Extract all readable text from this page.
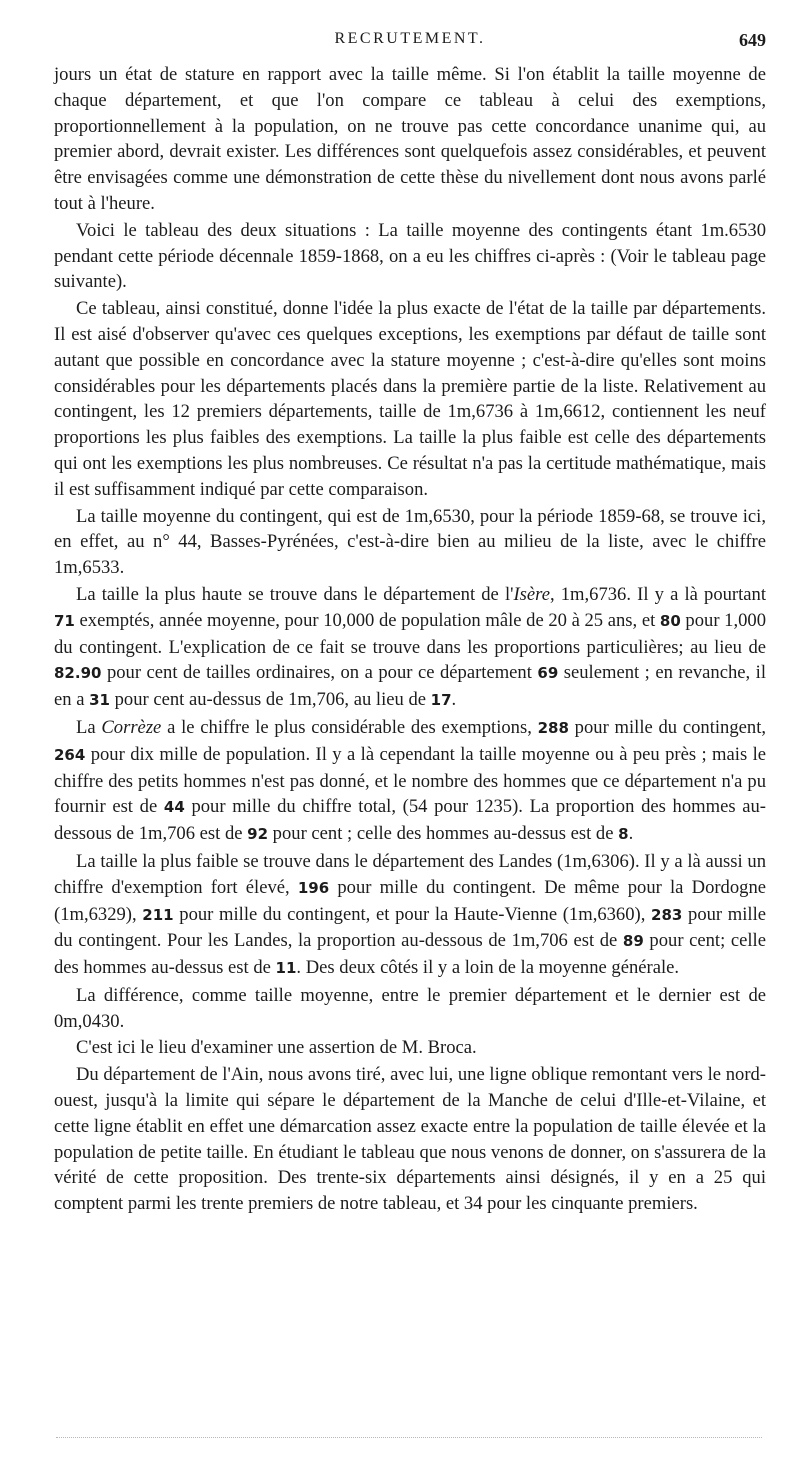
RECRUTEMENT.	649

jours un état de stature en rapport avec la taille même. Si l'on établit la taille moyenne de chaque département, et que l'on compare ce tableau à celui des exemptions, proportionnellement à la population, on ne trouve pas cette concordance unanime qui, au premier abord, devrait exister. Les différences sont quelquefois assez considérables, et peuvent être envisagées comme une démonstration de cette thèse du nivellement dont nous avons parlé tout à l'heure.

Voici le tableau des deux situations : La taille moyenne des contingents étant 1m.6530 pendant cette période décennale 1859-1868, on a eu les chiffres ci-après : (Voir le tableau page suivante).

Ce tableau, ainsi constitué, donne l'idée la plus exacte de l'état de la taille par départements. Il est aisé d'observer qu'avec ces quelques exceptions, les exemptions par défaut de taille sont autant que possible en concordance avec la stature moyenne ; c'est-à-dire qu'elles sont moins considérables pour les départements placés dans la première partie de la liste. Relativement au contingent, les 12 premiers départements, taille de 1m,6736 à 1m,6612, contiennent les neuf proportions les plus faibles des exemptions. La taille la plus faible est celle des départements qui ont les exemptions les plus nombreuses. Ce résultat n'a pas la certitude mathématique, mais il est suffisamment indiqué par cette comparaison.

La taille moyenne du contingent, qui est de 1m,6530, pour la période 1859-68, se trouve ici, en effet, au n° 44, Basses-Pyrénées, c'est-à-dire bien au milieu de la liste, avec le chiffre 1m,6533.

La taille la plus haute se trouve dans le département de l'Isère, 1m,6736. Il y a là pourtant 71 exemptés, année moyenne, pour 10,000 de population mâle de 20 à 25 ans, et 80 pour 1,000 du contingent. L'explication de ce fait se trouve dans les proportions particulières; au lieu de 82.90 pour cent de tailles ordinaires, on a pour ce département 69 seulement ; en revanche, il en a 31 pour cent au-dessus de 1m,706, au lieu de 17.

La Corrèze a le chiffre le plus considérable des exemptions, 288 pour mille du contingent, 264 pour dix mille de population. Il y a là cependant la taille moyenne ou à peu près ; mais le chiffre des petits hommes n'est pas donné, et le nombre des hommes que ce département n'a pu fournir est de 44 pour mille du chiffre total, (54 pour 1235). La proportion des hommes au-dessous de 1m,706 est de 92 pour cent ; celle des hommes au-dessus est de 8.

La taille la plus faible se trouve dans le département des Landes (1m,6306). Il y a là aussi un chiffre d'exemption fort élevé, 196 pour mille du contingent. De même pour la Dordogne (1m,6329), 211 pour mille du contingent, et pour la Haute-Vienne (1m,6360), 283 pour mille du contingent. Pour les Landes, la proportion au-dessous de 1m,706 est de 89 pour cent; celle des hommes au-dessus est de 11. Des deux côtés il y a loin de la moyenne générale.

La différence, comme taille moyenne, entre le premier département et le dernier est de 0m,0430.

C'est ici le lieu d'examiner une assertion de M. Broca.

Du département de l'Ain, nous avons tiré, avec lui, une ligne oblique remontant vers le nord-ouest, jusqu'à la limite qui sépare le département de la Manche de celui d'Ille-et-Vilaine, et cette ligne établit en effet une démarcation assez exacte entre la population de taille élevée et la population de petite taille. En étudiant le tableau que nous venons de donner, on s'assurera de la vérité de cette proposition. Des trente-six départements ainsi désignés, il y en a 25 qui comptent parmi les trente premiers de notre tableau, et 34 pour les cinquante premiers.
